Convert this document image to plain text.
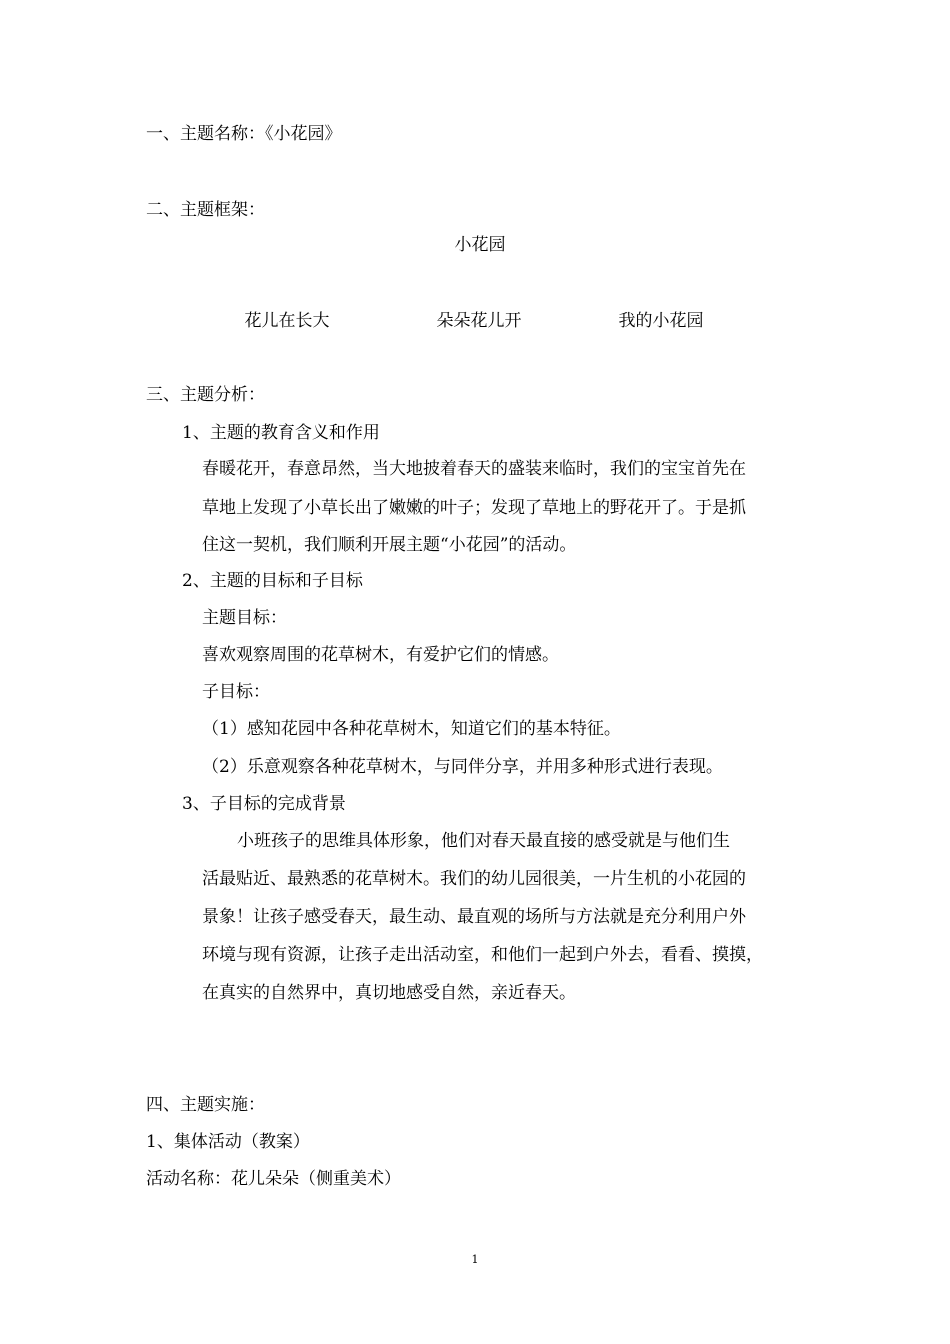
一、主题名称：《小花园》

二、主题框架：

小花园

花儿在长大	朵朵花儿开	我的小花园

三、主题分析：

1、主题的教育含义和作用

春暖花开，春意昂然，当大地披着春天的盛装来临时，我们的宝宝首先在

草地上发现了小草长出了嫩嫩的叶子；发现了草地上的野花开了。于是抓

住这一契机，我们顺利开展主题“小花园”的活动。

2、主题的目标和子目标

主题目标：

喜欢观察周围的花草树木，有爱护它们的情感。

子目标：

（1）感知花园中各种花草树木，知道它们的基本特征。

（2）乐意观察各种花草树木，与同伴分享，并用多种形式进行表现。

3、子目标的完成背景

小班孩子的思维具体形象，他们对春天最直接的感受就是与他们生

活最贴近、最熟悉的花草树木。我们的幼儿园很美，一片生机的小花园的

景象！让孩子感受春天，最生动、最直观的场所与方法就是充分利用户外

环境与现有资源，让孩子走出活动室，和他们一起到户外去，看看、摸摸，

在真实的自然界中，真切地感受自然，亲近春天。

四、主题实施：

1、集体活动（教案）

活动名称：花儿朵朵（侧重美术）

1
